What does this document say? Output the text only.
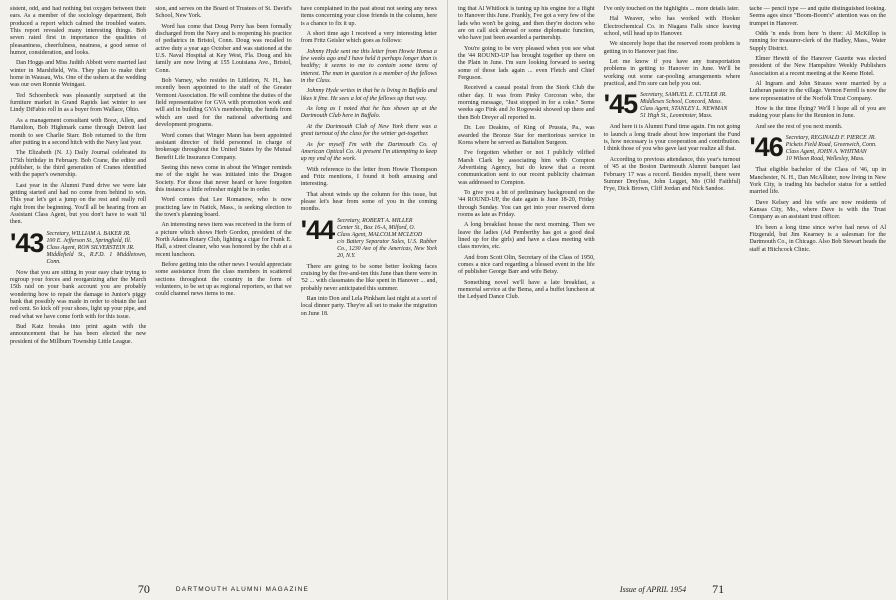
sistent, odd, and had nothing but oxygen between their ears. As a member of the sociology department, Bob produced a report which calmed the troubled waters. This report revealed many interesting things. Bob seven rated first in importance the qualities of pleasantness, cheerfulness, neatness, a good sense of humor, consideration, and looks.

Dan Hoggs and Miss Judith Abbott were married last winter in Marshfield, Wis. They plan to make their home in Wausau, Wis. One of the ushers at the wedding was our own Ronnie Weingast.

Ted Schoenbeck was pleasantly surprised at the furniture market in Grand Rapids last winter to see Lindy DiFabio roll in as a buyer from Wallace, Ohio.

As a management consultant with Booz, Allen, and Hamilton, Bob Highmark came through Detroit last month to see Charlie Starr. Bob returned to the firm after putting in a second hitch with the Navy last year.

The Elizabeth (N. J.) Daily Journal celebrated its 175th birthday in February. Bob Crane, the editor and publisher, is the third generation of Cranes identified with the paper's ownership.

Last year in the Alumni Fund drive we were late getting started and had no come from behind to win. This year let's get a jump on the rest and really roll right from the beginning. You'll all be hearing from an Assistant Class Agent, but you don't have to wait 'til then.

'43 Secretary, WILLIAM A. BAKER JR.
100 E. Jefferson St., Springfield, Ill.
Class Agent, RON SILVERSTEIN JR.
Middlefield St., R.F.D. 1 Middletown, Conn.

Now that you are sitting in your easy chair trying to regroup your forces and reorganizing after the March 15th raid on your bank account you are probably wondering how to repair the damage to Junior's piggy bank that possibly was made in order to obtain the last red cent. So kick off your shoes, light up your pipe, and read what we have come forth with for this issue.

Bud Katz breaks into print again with the announcement that he has been elected the new president of the Millburn Township Little League.

sion, and serves on the Board of Trustees of St. David's School, New York.

Word has come that Doug Perry has been formally discharged from the Navy and is reopening his practice of pediatrics in Bristol, Conn. Doug was recalled to active duty a year ago October and was stationed at the U.S. Naval Hospital at Key West, Fla. Doug and his family are now living at 155 Louisiana Ave., Bristol, Conn.

Bob Varney, who resides in Littleton, N. H., has recently been appointed to the staff of the Greater Vermont Association. He will combine the duties of the field representative for GVA with promotion work and will aid in building GVA's membership, the funds from which are used for the national advertising and development programs.

Word comes that Winger Mann has been appointed assistant director of field personnel in charge of brokerage throughout the United States by the Mutual Benefit Life Insurance Company.

Seeing this news come in about the Winger reminds me of the night he was initiated into the Dragon Society. For those that never heard or have forgotten this instance a little refresher might be in order.

Word comes that Lee Romanow, who is now practicing law in Natick, Mass., is seeking election to the town's planning board.

An interesting news item was received in the form of a picture which shows Herb Gordon, president of the North Adams Rotary Club, lighting a cigar for Frank E. Hall, a street cleaner, who was honored by the club at a recent luncheon.

Before getting into the other news I would appreciate some assistance from the class members in scattered sections throughout the country in the form of volunteers, to be set up as regional reporters, so that we could channel news items to me.

have complained in the past about not seeing any news items concerning your close friends in the column, here is a chance to fix it up.

A short time ago I received a very interesting letter from Fritz Geisler which goes as follows:

Johnny Hyde sent me this letter from Howie Honsa a few weeks ago and I have held it perhaps longer than is healthy; it seems to me to contain some items of interest. The man in question is a member of the fellows in the Class.

Johnny Hyde writes in that he is living in Buffalo and likes it fine. He sees a lot of the fellows up that way.

As long as I noted that he has shown up at the Dartmouth Club here in Buffalo.

At the Dartmouth Club of New York there was a great turnout of the class for the winter get-together.

As for myself I'm with the Dartmouth Co. of American Optical Co. At present I'm attempting to keep up my end of the work.

With reference to the letter from Howie Thompson and Fritz mentions, I found it both amusing and interesting.

That about winds up the column for this issue, but please let's hear from some of you in the coming months.

'44 Secretary, ROBERT A. MILLER
Center St., Box 16-A, Milford, O.
Class Agent, MALCOLM MCLEOD
c/o Battery Separator Sales, U.S. Rubber Co., 1230 Ave of the Americas, New York 20, N.Y.

There are going to be some better looking faces cruising by the five-and-ten this June than there were in '52 ... with classmates the like spent in Hanover ... and, probably never anticipated this summer.

Ran into Don and Lela Pinkham last night at a sort of local dinner party. They're all set to make the migration on June 18.

70	DARTMOUTH ALUMNI MAGAZINE

ing that Al Whitlock is tuning up his engine for a flight to Hanover this June. Frankly, I've got a very few of the lads who won't be going, and then they're doctors who are on call sick abroad or some diplomatic function, who have just been awarded a partnership.

You're going to be very pleased when you see what the '44 ROUND-UP has brought together up there on the Plain in June. I'm sure looking forward to seeing some of those lads again ... even Fletch and Chief Ferguson.

Received a casual postal from the Stork Club the other day. It was from Pinky Corcoran who, the morning message, "Just stopped in for a coke." Some weeks ago Fink and Jo Rogowski showed up there and then Bob Dreyer all reported in.

Dr. Lee Deakins, of King of Prussia, Pa., was awarded the Bronze Star for meritorious service in Korea where he served as Battalion Surgeon.

I've forgotten whether or not I publicly vilified Marsh Clark by associating him with Compton Advertising Agency, but do know that a recent communication sent to our recent publicity chairman was addressed to Compton.

To give you a bit of preliminary background on the '44 ROUND-UP, the date again is June 18-20, Friday through Sunday. You can get into your reserved dorm rooms as late as Friday.

A long breakfast house the next morning. Then we leave the ladies (Ad Pemberthy has got a good deal lined up for the girls) and have a class meeting with class movies, etc.

And from Scott Olin, Secretary of the Class of 1950, comes a nice card regarding a blessed event in the life of publisher George Barr and wife Betsy.

Something novel we'll have a late breakfast, a memorial service at the Bema, and a buffet luncheon at the Ledyard Dance Club.

I've only touched on the highlights ... more details later.

Hal Weaver, who has worked with Hooker Electrochemical Co. in Niagara Falls since leaving school, will head up to Hanover.

We sincerely hope that the reserved room problem is getting in to Hanover just fine.

Let me know if you have any transportation problems in getting to Hanover in June. We'll be working out some car-pooling arrangements where practical, and I'm sure can help you out.

'45 Secretary, SAMUEL E. CUTLER JR.
Middlesex School, Concord, Mass.
Class Agent, STANLEY L. NEWMAN
51 High St., Leominster, Mass.

And here it is Alumni Fund time again. I'm not going to launch a long tirade about how important the Fund is, how necessary is your cooperation and contribution. I think those of you who gave last year realize all that.

According to previous attendance, this year's turnout of '45 at the Boston Dartmouth Alumni banquet last February 17 was a record. Besides myself, there were Sumner Dreyfuss, John Legget, Mo (Old Faithful) Frye, Dick Brown, Cliff Jordan and Nick Sandoe.

tache — pencil type — and quite distinguished looking. Seems ages since "Boom-Boom's" attention was on the trumpet in Hanover.

Odds 'n ends from here 'n there: Al McKillop is running for treasurer-clerk of the Hadley, Mass., Water Supply District.

Elmer Hewitt of the Hanover Gazette was elected president of the New Hampshire Weekly Publishers Association at a recent meeting at the Keene Hotel.

Al Ingram and John Strauss were married by a Lutheran pastor in the village. Vernon Ferrell is now the new representative of the Norfolk Trust Company.

How is the time flying? We'll I hope all of you are making your plans for the Reunion in June.

And see the rest of you next month.

'46 Secretary, REGINALD F. PIERCE JR.
Pickets Field Road, Greenwich, Conn.
Class Agent, JOHN A. WHITMAN
10 Wilson Road, Wellesley, Mass.

That eligible bachelor of the Class of '46, up in Manchester, N. H., Dan McAllister, now living in New York City, is trading his bachelor status for a settled married life.

Dave Kelsey and his wife are now residents of Kansas City, Mo., where Dave is with the Trust Company as an assistant trust officer.

It's been a long time since we've had news of Al Fitzgerald, but Jim Kearney is a salesman for the Dartmouth Co., in Chicago. Also Bob Stewart heads the staff at Hitchcock Clinic.

Issue of APRIL 1954 71
